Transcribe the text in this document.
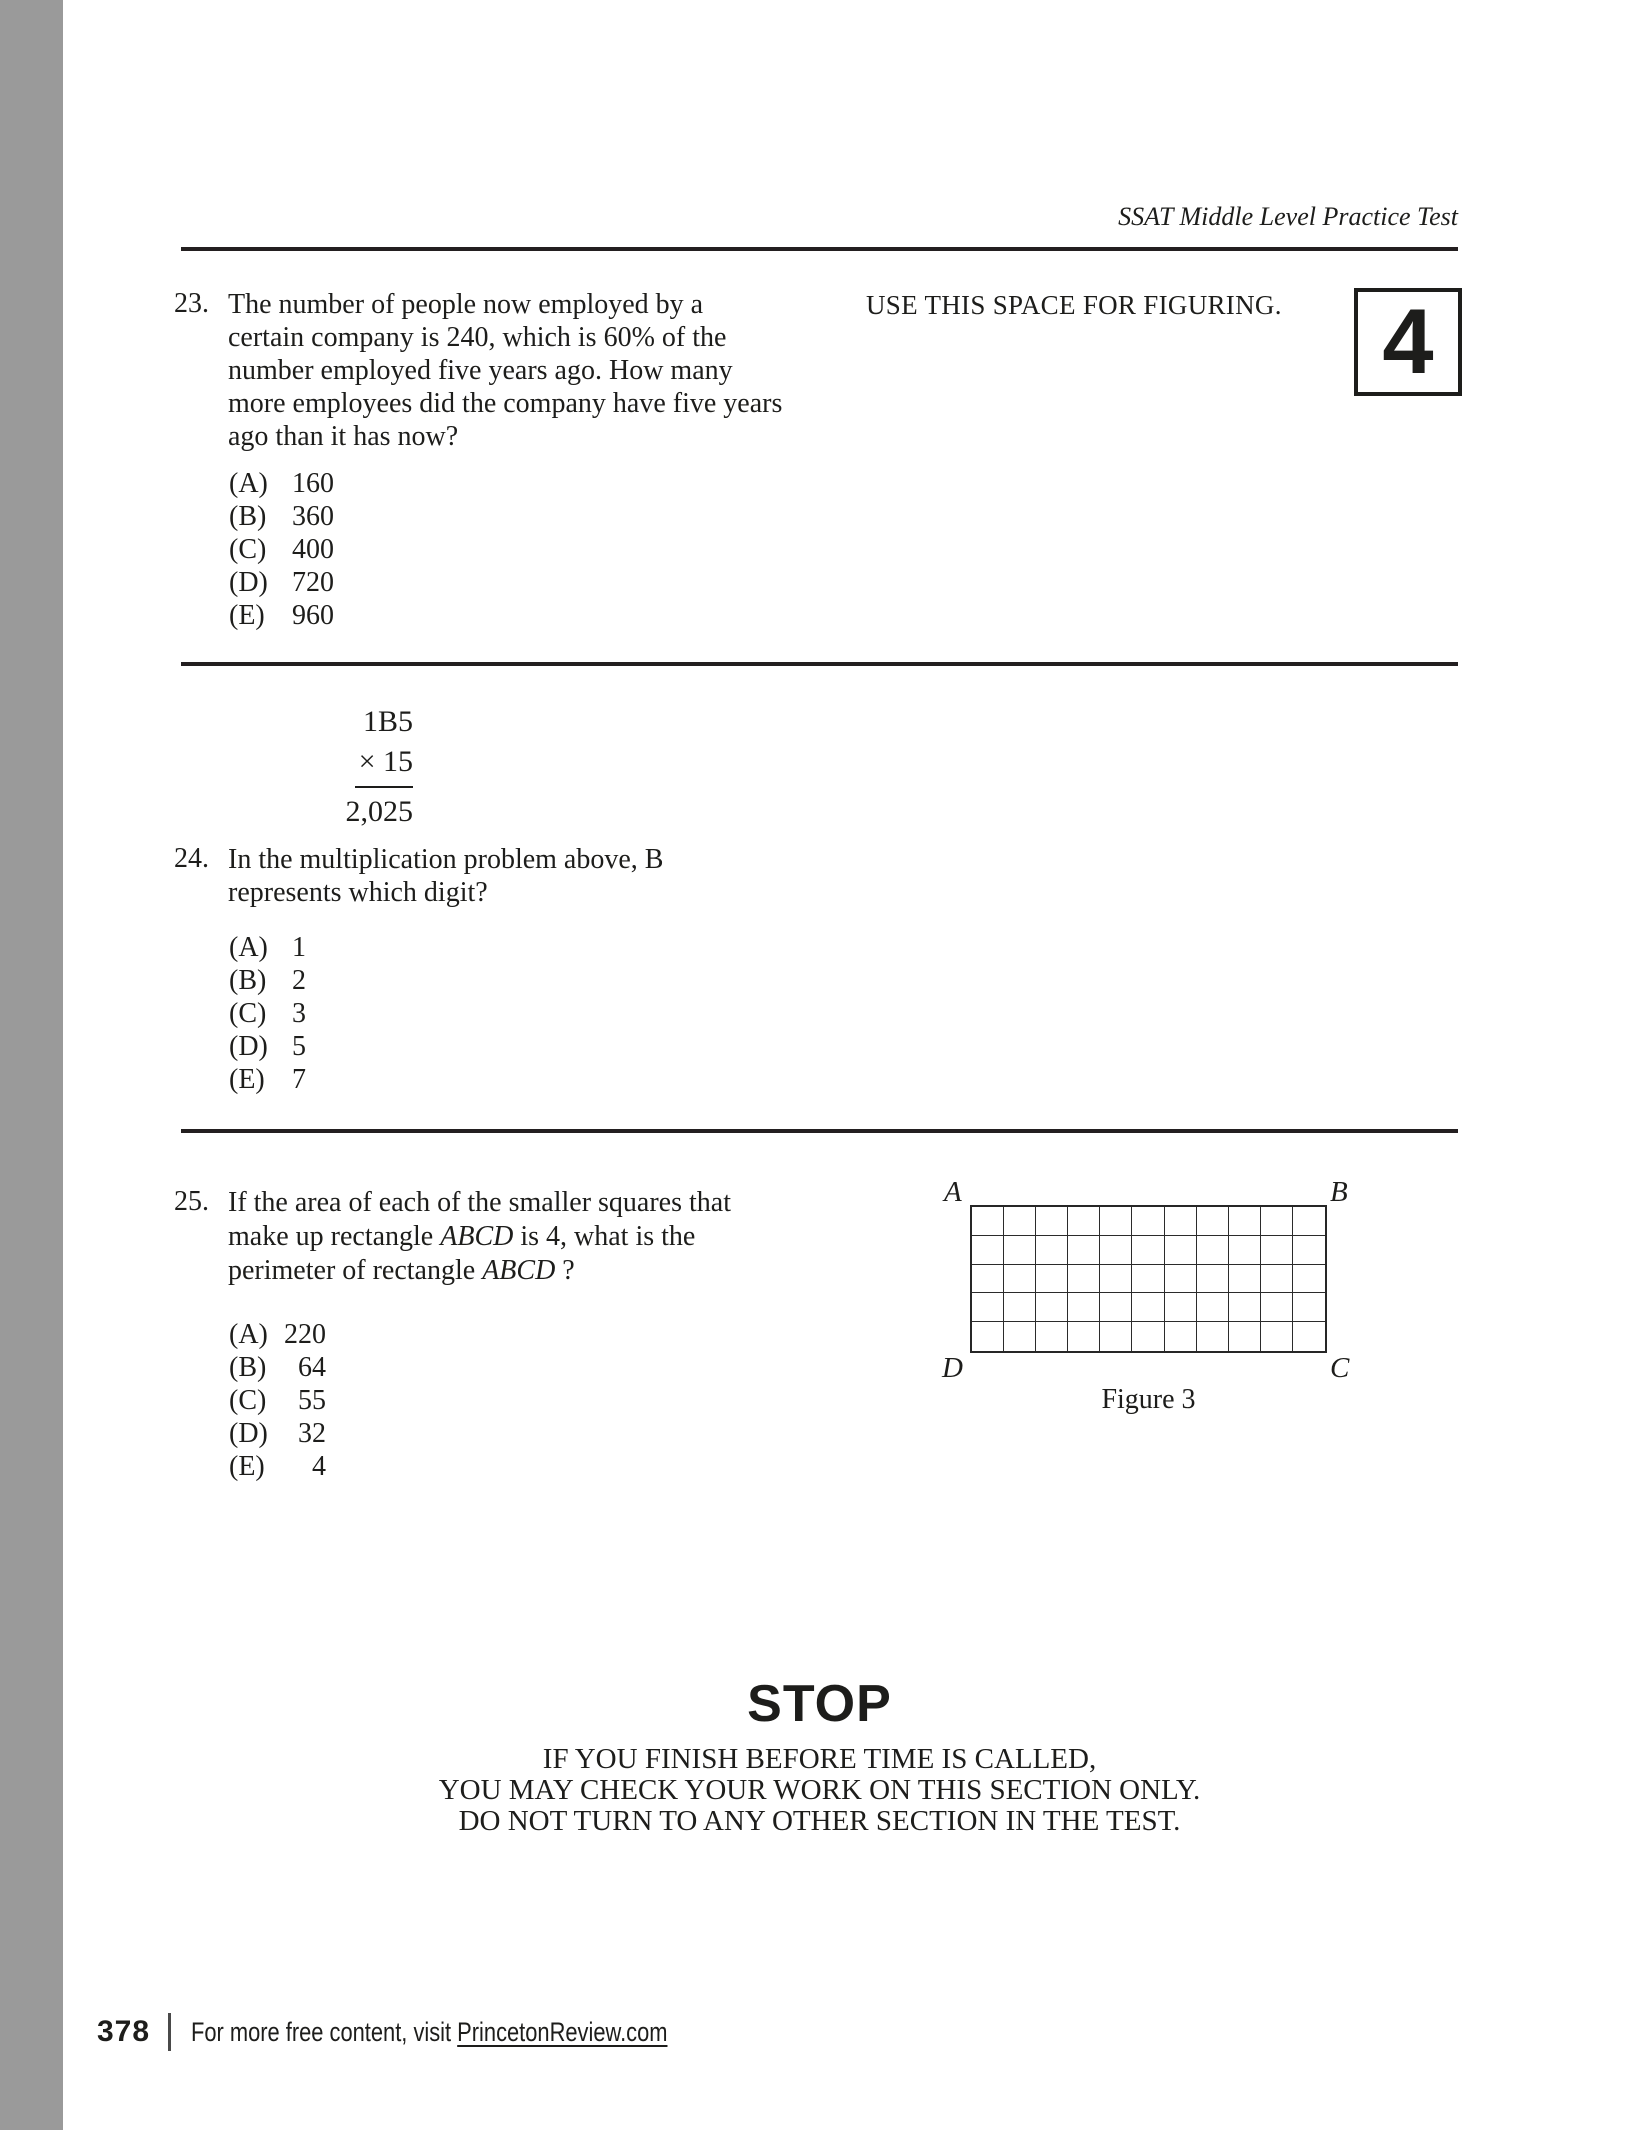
SSAT Middle Level Practice Test
USE THIS SPACE FOR FIGURING. 4
23. The number of people now employed by a
certain company is 240, which is 60% of the
number employed five years ago. How many
more employees did the company have five years
ago than it has now?
(A) 160
(B) 360
(C) 400
(D) 720
(E) 960
1B5
× 15
2,025
24. In the multiplication problem above, B
represents which digit?
(A) 1
(B) 2
(C) 3
(D) 5
(E) 7
25. If the area of each of the smaller squares that
make up rectangle ABCD is 4, what is the
perimeter of rectangle ABCD ?
(A) 220
(B) 64
(C) 55
(D) 32
(E) 4
A	B
D	C
Figure 3
STOP
IF YOU FINISH BEFORE TIME IS CALLED,
YOU MAY CHECK YOUR WORK ON THIS SECTION ONLY.
DO NOT TURN TO ANY OTHER SECTION IN THE TEST.
378 For more free content, visit PrincetonReview.com
